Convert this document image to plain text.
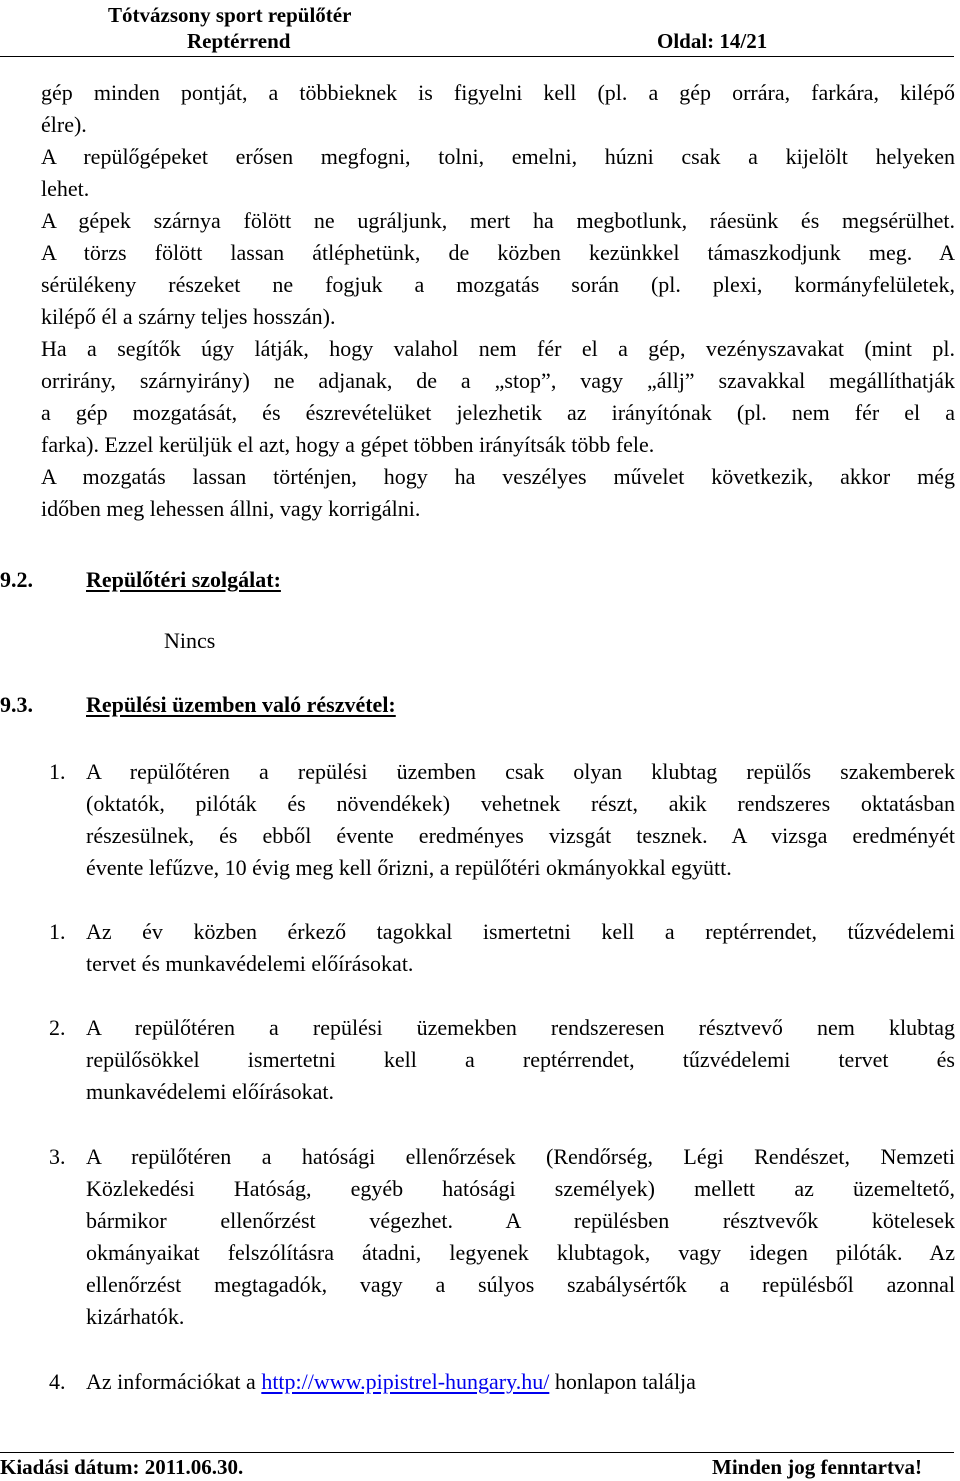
Tótvázsony sport repülőtér
Reptérrend	Oldal: 14/21
gép minden pontját, a többieknek is figyelni kell (pl. a gép orrára, farkára, kilépő
élre).
A repülőgépeket erősen megfogni, tolni, emelni, húzni csak a kijelölt helyeken
lehet.
A gépek szárnya fölött ne ugráljunk, mert ha megbotlunk, ráesünk és megsérülhet.
A törzs fölött lassan átléphetünk, de közben kezünkkel támaszkodjunk meg. A
sérülékeny részeket ne fogjuk a mozgatás során (pl. plexi, kormányfelületek,
kilépő él a szárny teljes hosszán).
Ha a segítők úgy látják, hogy valahol nem fér el a gép, vezényszavakat (mint pl.
orrirány, szárnyirány) ne adjanak, de a „stop”, vagy „állj” szavakkal megállíthatják
a gép mozgatását, és észrevételüket jelezhetik az irányítónak (pl. nem fér el a
farka). Ezzel kerüljük el azt, hogy a gépet többen irányítsák több fele.
A mozgatás lassan történjen, hogy ha veszélyes művelet következik, akkor még
időben meg lehessen állni, vagy korrigálni.
9.2. Repülőtéri szolgálat:
Nincs
9.3. Repülési üzemben való részvétel:
1. A repülőtéren a repülési üzemben csak olyan klubtag repülős szakemberek
(oktatók, pilóták és növendékek) vehetnek részt, akik rendszeres oktatásban
részesülnek, és ebből évente eredményes vizsgát tesznek. A vizsga eredményét
évente lefűzve, 10 évig meg kell őrizni, a repülőtéri okmányokkal együtt.
1. Az év közben érkező tagokkal ismertetni kell a reptérrendet, tűzvédelemi
tervet és munkavédelemi előírásokat.
2. A repülőtéren a repülési üzemekben rendszeresen résztvevő nem klubtag
repülősökkel ismertetni kell a reptérrendet, tűzvédelemi tervet és
munkavédelemi előírásokat.
3. A repülőtéren a hatósági ellenőrzések (Rendőrség, Légi Rendészet, Nemzeti
Közlekedési Hatóság, egyéb hatósági személyek) mellett az üzemeltető,
bármikor ellenőrzést végezhet. A repülésben résztvevők kötelesek
okmányaikat felszólításra átadni, legyenek klubtagok, vagy idegen pilóták. Az
ellenőrzést megtagadók, vagy a súlyos szabálysértők a repülésből azonnal
kizárhatók.
4. Az információkat a http://www.pipistrel-hungary.hu/ honlapon találja
Kiadási dátum: 2011.06.30.	Minden jog fenntartva!
